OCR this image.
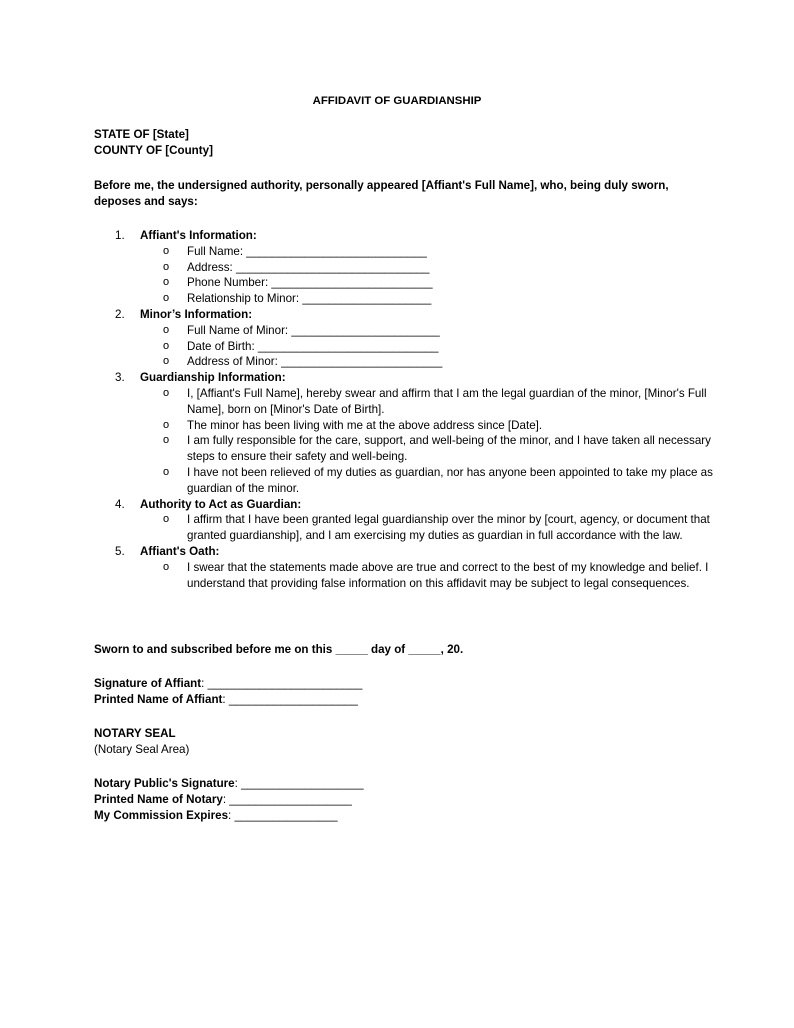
AFFIDAVIT OF GUARDIANSHIP
STATE OF [State]
COUNTY OF [County]
Before me, the undersigned authority, personally appeared [Affiant's Full Name], who, being duly sworn, deposes and says:
1. Affiant's Information:
o Full Name: ____________________________
o Address: ______________________________
o Phone Number: _________________________
o Relationship to Minor: ____________________
2. Minor’s Information:
o Full Name of Minor: _______________________
o Date of Birth: ____________________________
o Address of Minor: _________________________
3. Guardianship Information:
o I, [Affiant's Full Name], hereby swear and affirm that I am the legal guardian of the minor, [Minor's Full Name], born on [Minor's Date of Birth].
o The minor has been living with me at the above address since [Date].
o I am fully responsible for the care, support, and well-being of the minor, and I have taken all necessary steps to ensure their safety and well-being.
o I have not been relieved of my duties as guardian, nor has anyone been appointed to take my place as guardian of the minor.
4. Authority to Act as Guardian:
o I affirm that I have been granted legal guardianship over the minor by [court, agency, or document that granted guardianship], and I am exercising my duties as guardian in full accordance with the law.
5. Affiant's Oath:
o I swear that the statements made above are true and correct to the best of my knowledge and belief. I understand that providing false information on this affidavit may be subject to legal consequences.
Sworn to and subscribed before me on this _____ day of _____, 20.
Signature of Affiant: ________________________
Printed Name of Affiant: ____________________
NOTARY SEAL
(Notary Seal Area)
Notary Public's Signature: ___________________
Printed Name of Notary: ___________________
My Commission Expires: ________________
